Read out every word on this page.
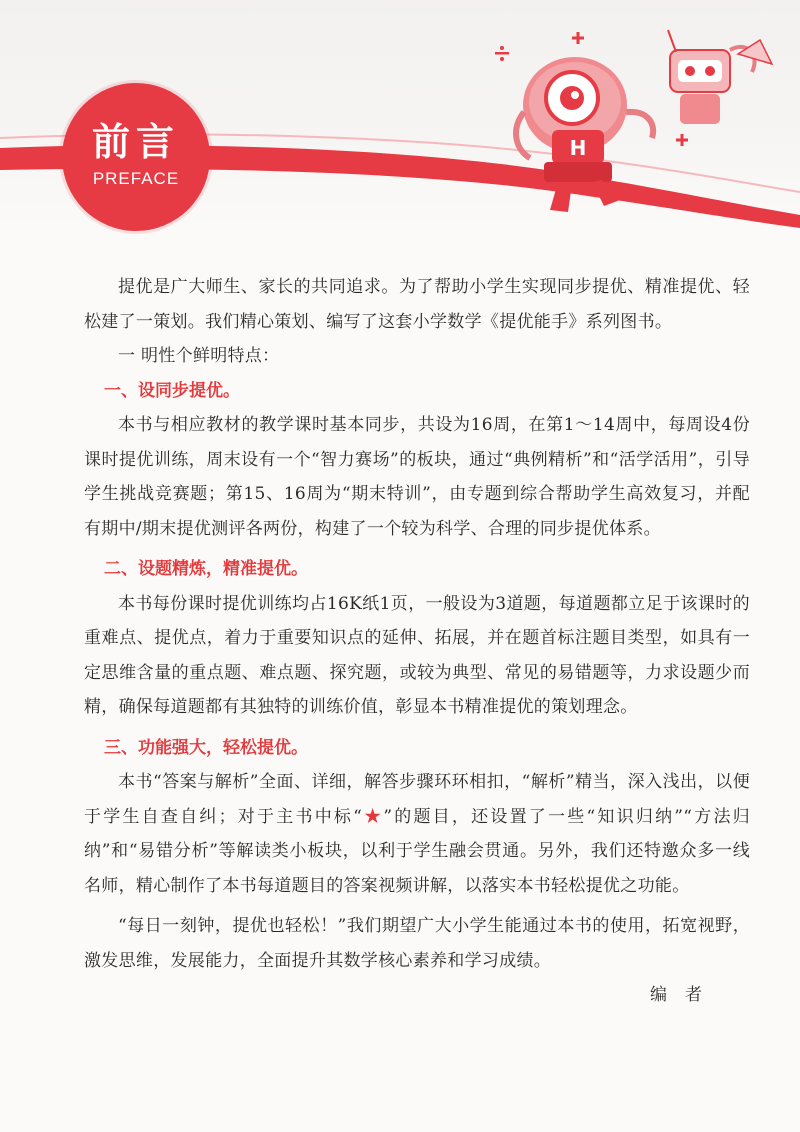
前言
PREFACE
H

提优是广大师生、家长的共同追求。为了帮助小学生实现同步提优、精准提优、轻松建了一策划。我们精心策划、编写了这套小学数学《提优能手》系列图书。

一 明性个鲜明特点：

一、设同步提优。

本书与相应教材的教学课时基本同步，共设为16周，在第1～14周中，每周设4份课时提优训练，周末设有一个“智力赛场”的板块，通过“典例精析”和“活学活用”，引导学生挑战竞赛题；第15、16周为“期末特训”，由专题到综合帮助学生高效复习，并配有期中/期末提优测评各两份，构建了一个较为科学、合理的同步提优体系。

二、设题精炼，精准提优。

本书每份课时提优训练均占16K纸1页，一般设为3道题，每道题都立足于该课时的重难点、提优点，着力于重要知识点的延伸、拓展，并在题首标注题目类型，如具有一定思维含量的重点题、难点题、探究题，或较为典型、常见的易错题等，力求设题少而精，确保每道题都有其独特的训练价值，彰显本书精准提优的策划理念。

三、功能强大，轻松提优。

本书“答案与解析”全面、详细，解答步骤环环相扣，“解析”精当，深入浅出，以便于学生自查自纠；对于主书中标“★”的题目，还设置了一些“知识归纳”“方法归纳”和“易错分析”等解读类小板块，以利于学生融会贯通。另外，我们还特邀众多一线名师，精心制作了本书每道题目的答案视频讲解，以落实本书轻松提优之功能。

“每日一刻钟，提优也轻松！”我们期望广大小学生能通过本书的使用，拓宽视野，激发思维，发展能力，全面提升其数学核心素养和学习成绩。

编者
